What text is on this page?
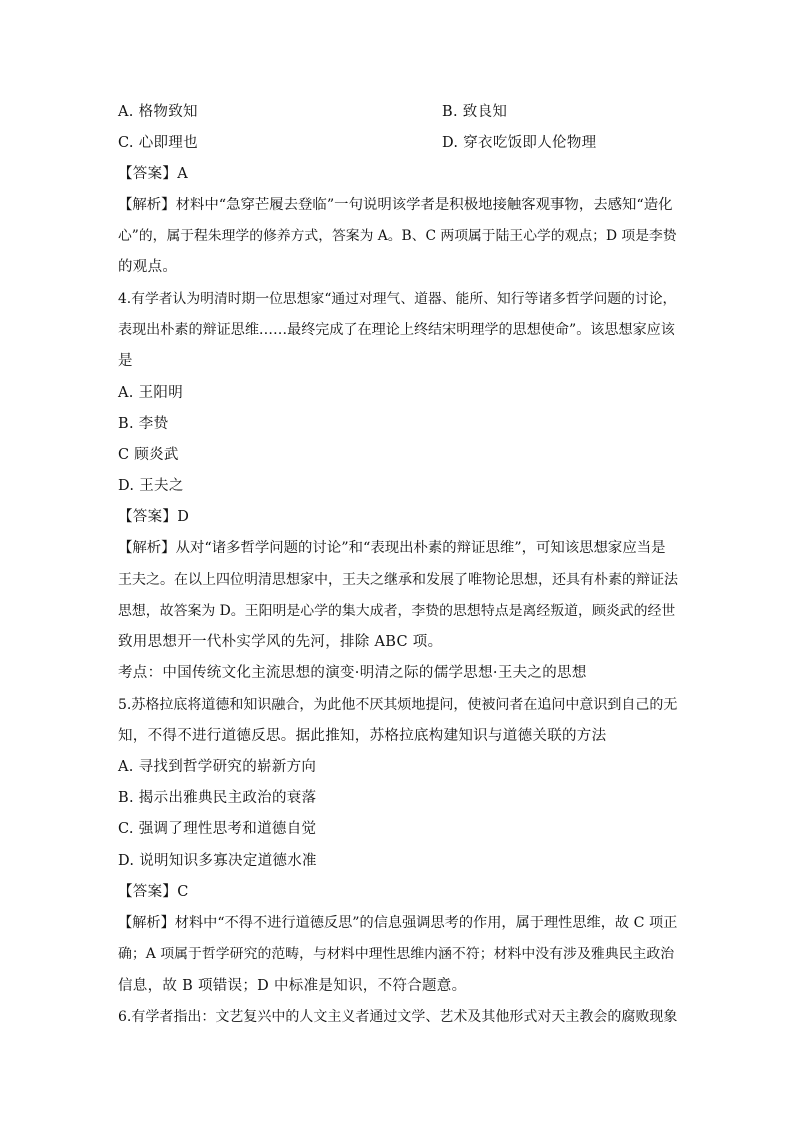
A. 格物致知	B. 致良知
C. 心即理也	D. 穿衣吃饭即人伦物理
【答案】A
【解析】材料中“急穿芒履去登临”一句说明该学者是积极地接触客观事物，去感知“造化
心”的，属于程朱理学的修养方式，答案为 A。B、C 两项属于陆王心学的观点；D 项是李贽
的观点。
4.有学者认为明清时期一位思想家“通过对理气、道器、能所、知行等诸多哲学问题的讨论，
表现出朴素的辩证思维……最终完成了在理论上终结宋明理学的思想使命”。该思想家应该
是
A. 王阳明
B. 李贽
C 顾炎武
D. 王夫之
【答案】D
【解析】从对“诸多哲学问题的讨论”和“表现出朴素的辩证思维”，可知该思想家应当是
王夫之。在以上四位明清思想家中，王夫之继承和发展了唯物论思想，还具有朴素的辩证法
思想，故答案为 D。王阳明是心学的集大成者，李贽的思想特点是离经叛道，顾炎武的经世
致用思想开一代朴实学风的先河，排除 ABC 项。
考点：中国传统文化主流思想的演变·明清之际的儒学思想·王夫之的思想
5.苏格拉底将道德和知识融合，为此他不厌其烦地提问，使被问者在追问中意识到自己的无
知，不得不进行道德反思。据此推知，苏格拉底构建知识与道德关联的方法
A. 寻找到哲学研究的崭新方向
B. 揭示出雅典民主政治的衰落
C. 强调了理性思考和道德自觉
D. 说明知识多寡决定道德水准
【答案】C
【解析】材料中“不得不进行道德反思”的信息强调思考的作用，属于理性思维，故 C 项正
确；A 项属于哲学研究的范畴，与材料中理性思维内涵不符；材料中没有涉及雅典民主政治
信息，故 B 项错误；D 中标准是知识，不符合题意。
6.有学者指出：文艺复兴中的人文主义者通过文学、艺术及其他形式对天主教会的腐败现象
